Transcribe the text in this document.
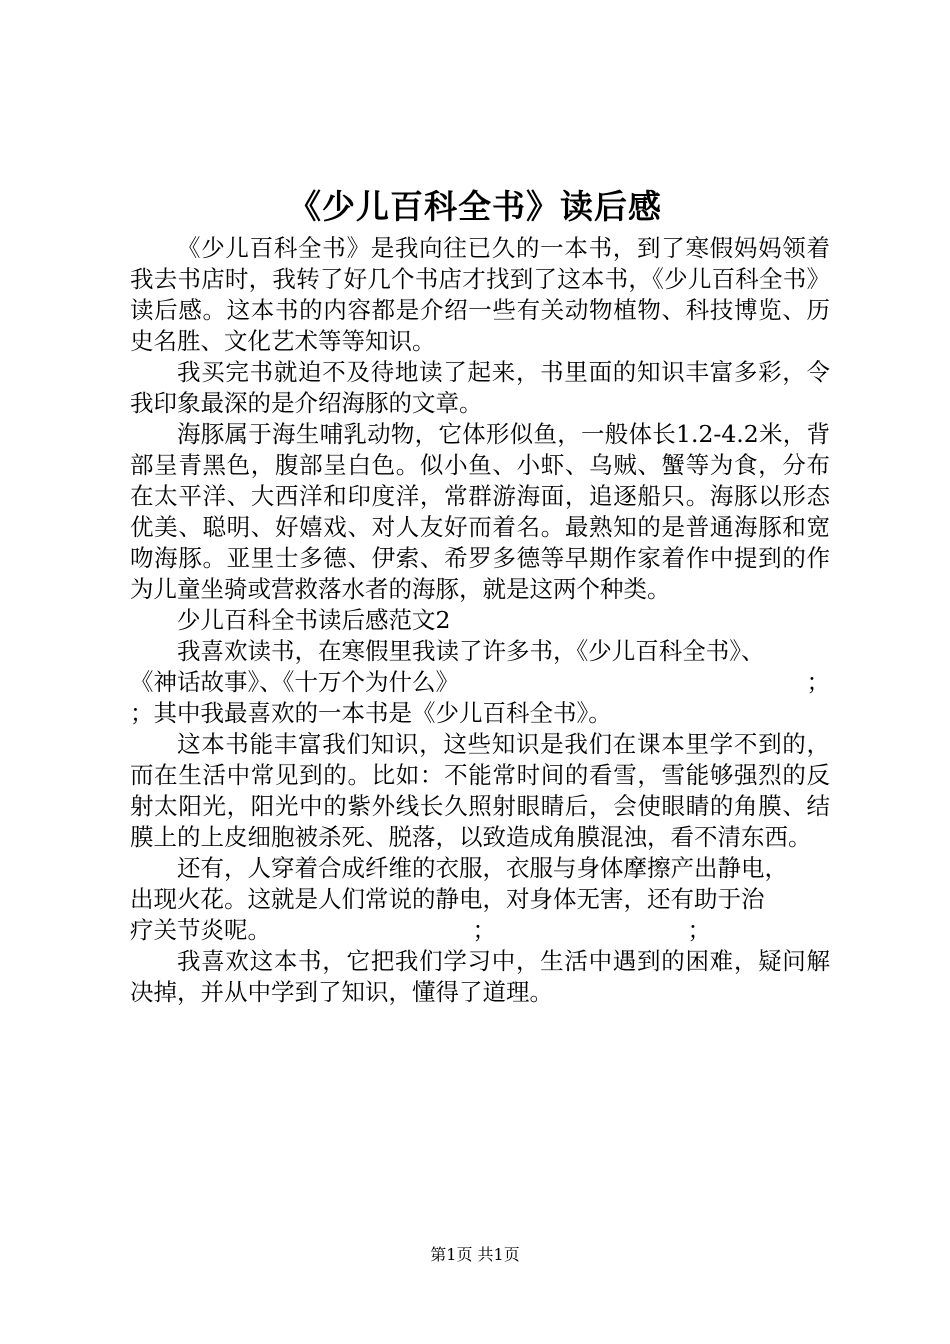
《少儿百科全书》读后感

《少儿百科全书》是我向往已久的一本书，到了寒假妈妈领着我去书店时，我转了好几个书店才找到了这本书，《少儿百科全书》读后感。这本书的内容都是介绍一些有关动物植物、科技博览、历史名胜、文化艺术等等知识。

我买完书就迫不及待地读了起来，书里面的知识丰富多彩，令我印象最深的是介绍海豚的文章。

海豚属于海生哺乳动物，它体形似鱼，一般体长1.2-4.2米，背部呈青黑色，腹部呈白色。似小鱼、小虾、乌贼、蟹等为食，分布在太平洋、大西洋和印度洋，常群游海面，追逐船只。海豚以形态优美、聪明、好嬉戏、对人友好而着名。最熟知的是普通海豚和宽吻海豚。亚里士多德、伊索、希罗多德等早期作家着作中提到的作为儿童坐骑或营救落水者的海豚，就是这两个种类。

少儿百科全书读后感范文2

我喜欢读书，在寒假里我读了许多书，《少儿百科全书》、
《神话故事》、《十万个为什么》	；
；其中我最喜欢的一本书是《少儿百科全书》。

这本书能丰富我们知识，这些知识是我们在课本里学不到的，而在生活中常见到的。比如：不能常时间的看雪，雪能够强烈的反射太阳光，阳光中的紫外线长久照射眼睛后，会使眼睛的角膜、结膜上的上皮细胞被杀死、脱落，以致造成角膜混浊，看不清东西。

还有，人穿着合成纤维的衣服，衣服与身体摩擦产出静电，
出现火花。这就是人们常说的静电，对身体无害，还有助于治
疗关节炎呢。	；	；

我喜欢这本书，它把我们学习中，生活中遇到的困难，疑问解决掉，并从中学到了知识，懂得了道理。

第1页 共1页
